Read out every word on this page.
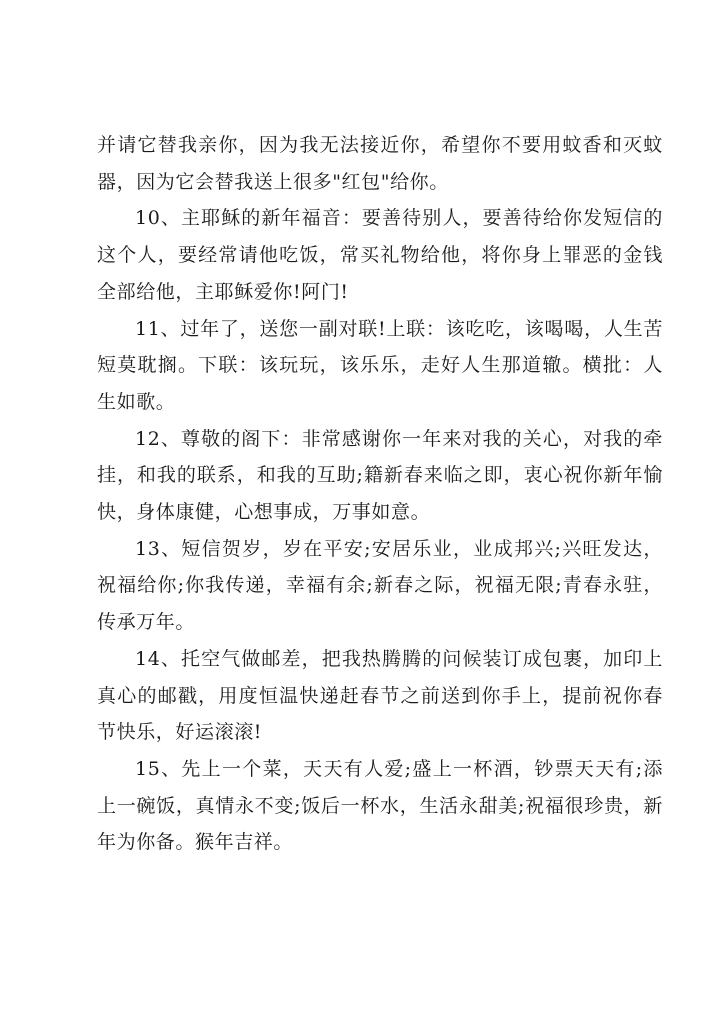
并请它替我亲你，因为我无法接近你，希望你不要用蚊香和灭蚊器，因为它会替我送上很多"红包"给你。

10、主耶稣的新年福音：要善待别人，要善待给你发短信的这个人，要经常请他吃饭，常买礼物给他，将你身上罪恶的金钱全部给他，主耶稣爱你!阿门!

11、过年了，送您一副对联!上联：该吃吃，该喝喝，人生苦短莫耽搁。下联：该玩玩，该乐乐，走好人生那道辙。横批：人生如歌。

12、尊敬的阁下：非常感谢你一年来对我的关心，对我的牵挂，和我的联系，和我的互助;籍新春来临之即，衷心祝你新年愉快，身体康健，心想事成，万事如意。

13、短信贺岁，岁在平安;安居乐业，业成邦兴;兴旺发达，祝福给你;你我传递，幸福有余;新春之际，祝福无限;青春永驻，传承万年。

14、托空气做邮差，把我热腾腾的问候装订成包裹，加印上真心的邮戳，用度恒温快递赶春节之前送到你手上，提前祝你春节快乐，好运滚滚!

15、先上一个菜，天天有人爱;盛上一杯酒，钞票天天有;添上一碗饭，真情永不变;饭后一杯水，生活永甜美;祝福很珍贵，新年为你备。猴年吉祥。
